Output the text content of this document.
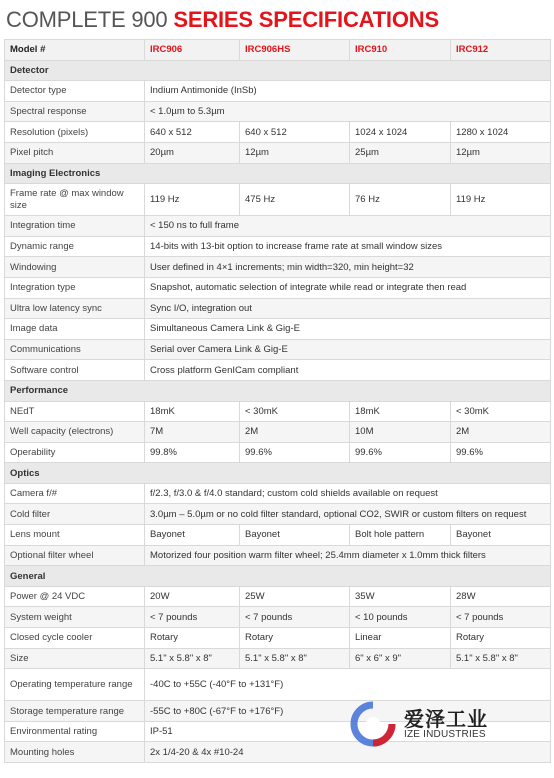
COMPLETE 900 SERIES SPECIFICATIONS
Model #	IRC906	IRC906HS	IRC910	IRC912
Detector				
Detector type	Indium Antimonide (InSb)			
Spectral response	< 1.0µm to 5.3µm			
Resolution (pixels)	640 x 512	640 x 512	1024 x 1024	1280 x 1024
Pixel pitch	20µm	12µm	25µm	12µm
Imaging Electronics				
Frame rate @ max window size	119 Hz	475 Hz	76 Hz	119 Hz
Integration time	< 150 ns to full frame			
Dynamic range	14-bits with 13-bit option to increase frame rate at small window sizes			
Windowing	User defined in 4×1 increments; min width=320, min height=32			
Integration type	Snapshot, automatic selection of integrate while read or integrate then read			
Ultra low latency sync	Sync I/O, integration out			
Image data	Simultaneous Camera Link & Gig-E			
Communications	Serial over Camera Link & Gig-E			
Software control	Cross platform GenICam compliant			
Performance				
NEdT	18mK	< 30mK	18mK	< 30mK
Well capacity (electrons)	7M	2M	10M	2M
Operability	99.8%	99.6%	99.6%	99.6%
Optics				
Camera f/#	f/2.3, f/3.0 & f/4.0 standard; custom cold shields available on request			
Cold filter	3.0µm – 5.0µm or no cold filter standard, optional CO2, SWIR or custom filters on request			
Lens mount	Bayonet	Bayonet	Bolt hole pattern	Bayonet
Optional filter wheel	Motorized four position warm filter wheel; 25.4mm diameter x 1.0mm thick filters			
General				
Power @ 24 VDC	20W	25W	35W	28W
System weight	< 7 pounds	< 7 pounds	< 10 pounds	< 7 pounds
Closed cycle cooler	Rotary	Rotary	Linear	Rotary
Size	5.1" x 5.8" x 8"	5.1" x 5.8" x 8"	6" x 6" x 9"	5.1" x 5.8" x 8"
Operating temperature range	-40C to +55C (-40°F to +131°F)			
Storage temperature range	-55C to +80C (-67°F to +176°F)			
Environmental rating	IP-51			
Mounting holes	2x 1/4-20 & 4x #10-24			
爱泽工业
IZE INDUSTRIES
